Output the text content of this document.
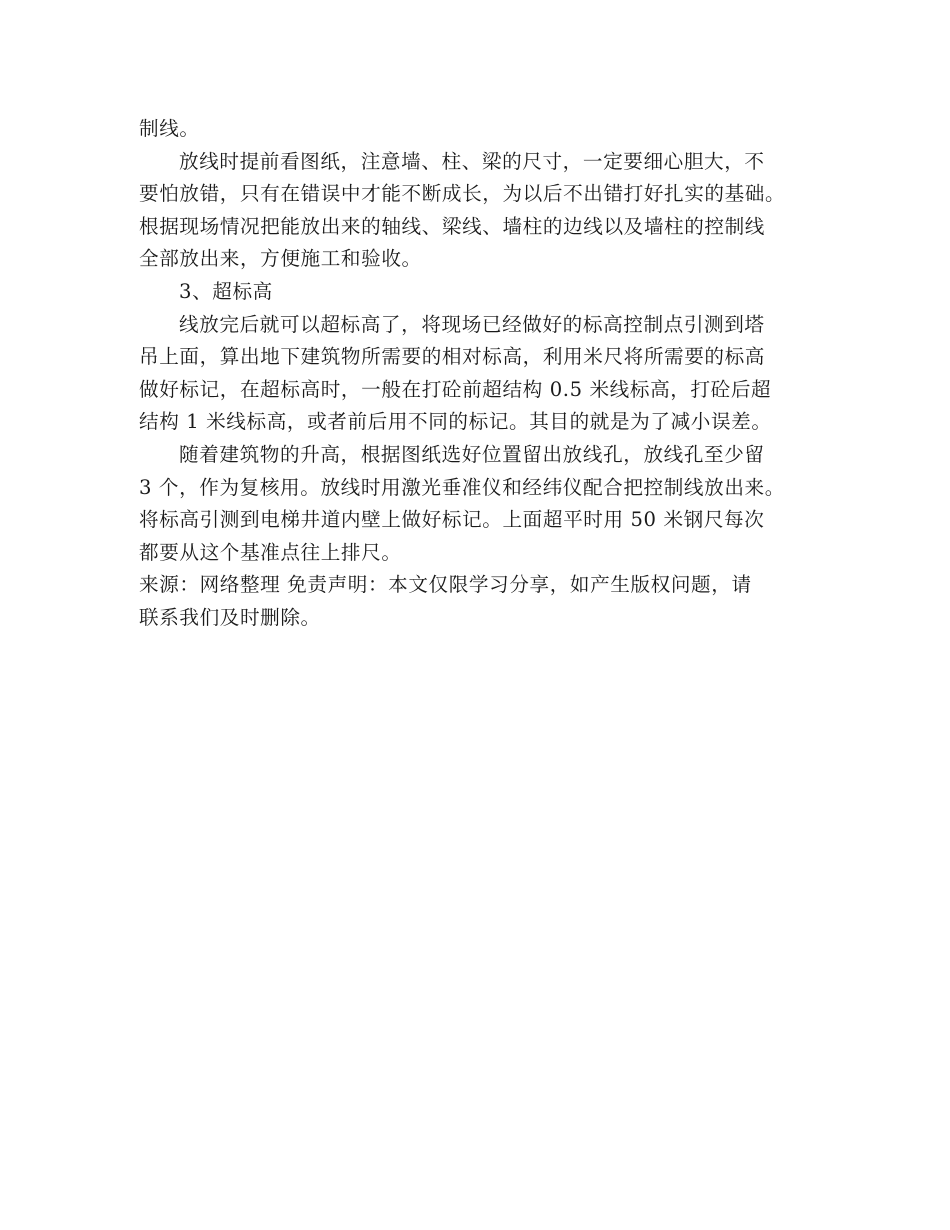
制线。
放线时提前看图纸，注意墙、柱、梁的尺寸，一定要细心胆大，不
要怕放错，只有在错误中才能不断成长，为以后不出错打好扎实的基础。
根据现场情况把能放出来的轴线、梁线、墙柱的边线以及墙柱的控制线
全部放出来，方便施工和验收。
3、超标高
线放完后就可以超标高了，将现场已经做好的标高控制点引测到塔
吊上面，算出地下建筑物所需要的相对标高，利用米尺将所需要的标高
做好标记，在超标高时，一般在打砼前超结构 0.5 米线标高，打砼后超
结构 1 米线标高，或者前后用不同的标记。其目的就是为了减小误差。
随着建筑物的升高，根据图纸选好位置留出放线孔，放线孔至少留
3 个，作为复核用。放线时用激光垂准仪和经纬仪配合把控制线放出来。
将标高引测到电梯井道内壁上做好标记。上面超平时用 50 米钢尺每次
都要从这个基准点往上排尺。
来源：网络整理 免责声明：本文仅限学习分享，如产生版权问题，请
联系我们及时删除。
